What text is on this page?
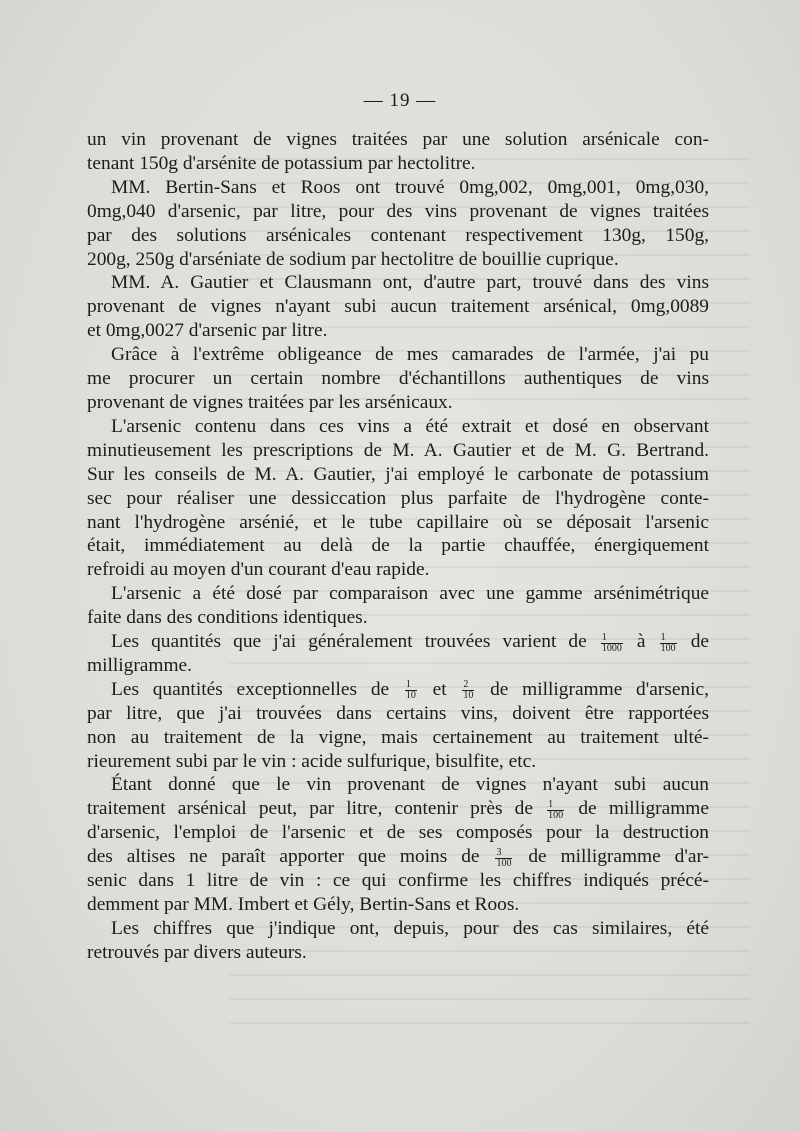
— 19 —
un vin provenant de vignes traitées par une solution arsénicale con-
tenant 150g d'arsénite de potassium par hectolitre.
MM. Bertin-Sans et Roos ont trouvé 0mg,002, 0mg,001, 0mg,030,
0mg,040 d'arsenic, par litre, pour des vins provenant de vignes traitées
par des solutions arsénicales contenant respectivement 130g, 150g,
200g, 250g d'arséniate de sodium par hectolitre de bouillie cuprique.
MM. A. Gautier et Clausmann ont, d'autre part, trouvé dans des vins
provenant de vignes n'ayant subi aucun traitement arsénical, 0mg,0089
et 0mg,0027 d'arsenic par litre.
Grâce à l'extrême obligeance de mes camarades de l'armée, j'ai pu
me procurer un certain nombre d'échantillons authentiques de vins
provenant de vignes traitées par les arsénicaux.
L'arsenic contenu dans ces vins a été extrait et dosé en observant
minutieusement les prescriptions de M. A. Gautier et de M. G. Bertrand.
Sur les conseils de M. A. Gautier, j'ai employé le carbonate de potassium
sec pour réaliser une dessiccation plus parfaite de l'hydrogène conte-
nant l'hydrogène arsénié, et le tube capillaire où se déposait l'arsenic
était, immédiatement au delà de la partie chauffée, énergiquement
refroidi au moyen d'un courant d'eau rapide.
L'arsenic a été dosé par comparaison avec une gamme arsénimétrique
faite dans des conditions identiques.
Les quantités que j'ai généralement trouvées varient de $\frac{1}{1000}$ à $\frac{1}{100}$ de
milligramme.
Les quantités exceptionnelles de $\frac{1}{10}$ et $\frac{2}{10}$ de milligramme d'arsenic,
par litre, que j'ai trouvées dans certains vins, doivent être rapportées
non au traitement de la vigne, mais certainement au traitement ulté-
rieurement subi par le vin : acide sulfurique, bisulfite, etc.
Étant donné que le vin provenant de vignes n'ayant subi aucun
traitement arsénical peut, par litre, contenir près de $\frac{1}{100}$ de milligramme
d'arsenic, l'emploi de l'arsenic et de ses composés pour la destruction
des altises ne paraît apporter que moins de $\frac{3}{100}$ de milligramme d'ar-
senic dans 1 litre de vin : ce qui confirme les chiffres indiqués précé-
demment par MM. Imbert et Gély, Bertin-Sans et Roos.
Les chiffres que j'indique ont, depuis, pour des cas similaires, été
retrouvés par divers auteurs.
